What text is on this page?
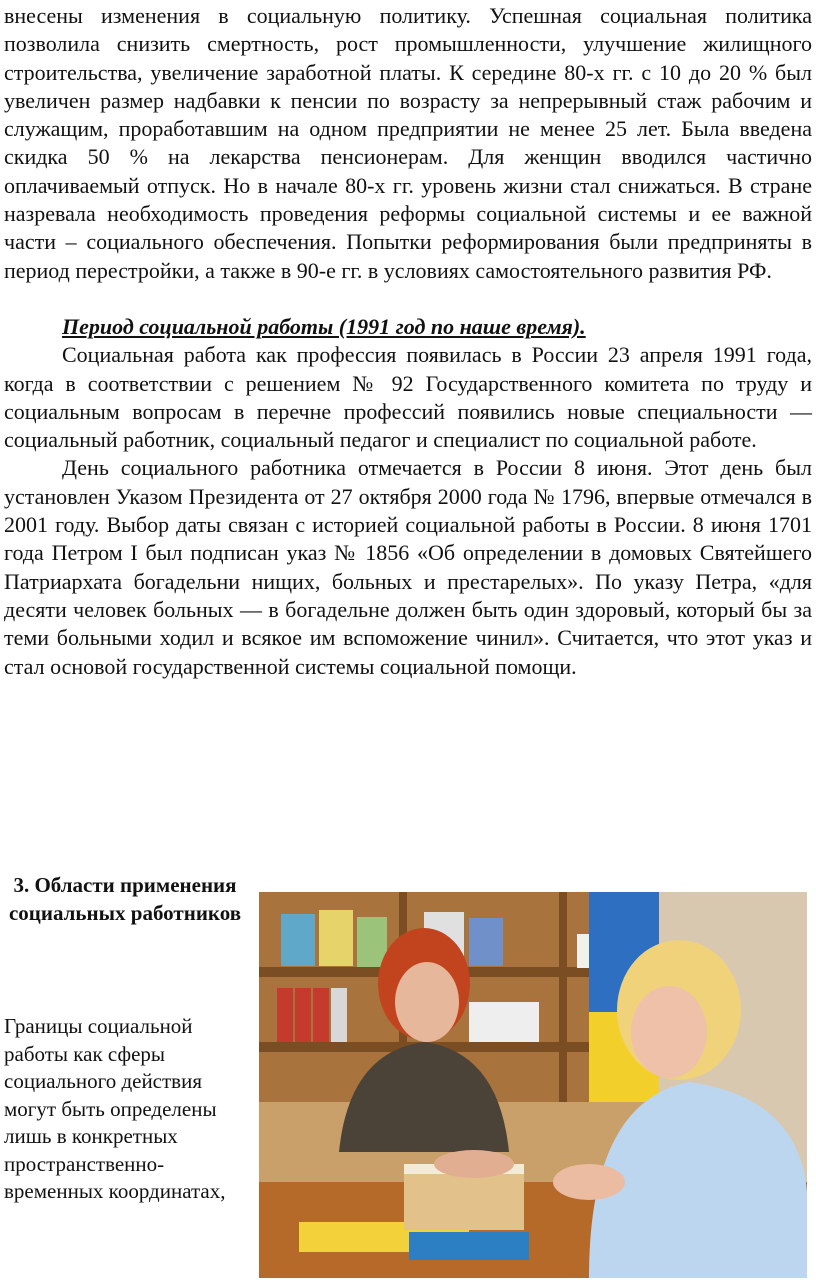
внесены изменения в социальную политику. Успешная социальная политика позволила снизить смертность, рост промышленности, улучшение жилищного строительства, увеличение заработной платы. К середине 80-х гг. с 10 до 20 % был увеличен размер надбавки к пенсии по возрасту за непрерывный стаж рабочим и служащим, проработавшим на одном предприятии не менее 25 лет. Была введена скидка 50 % на лекарства пенсионерам. Для женщин вводился частично оплачиваемый отпуск. Но в начале 80-х гг. уровень жизни стал снижаться. В стране назревала необходимость проведения реформы социальной системы и ее важной части – социального обеспечения. Попытки реформирования были предприняты в период перестройки, а также в 90-е гг. в условиях самостоятельного развития РФ.

Период социальной работы (1991 год по наше время).

Социальная работа как профессия появилась в России 23 апреля 1991 года, когда в соответствии с решением № 92 Государственного комитета по труду и социальным вопросам в перечне профессий появились новые специальности — социальный работник, социальный педагог и специалист по социальной работе.

День социального работника отмечается в России 8 июня. Этот день был установлен Указом Президента от 27 октября 2000 года № 1796, впервые отмечался в 2001 году. Выбор даты связан с историей социальной работы в России. 8 июня 1701 года Петром I был подписан указ № 1856 «Об определении в домовых Святейшего Патриархата богадельни нищих, больных и престарелых». По указу Петра, «для десяти человек больных — в богадельне должен быть один здоровый, который бы за теми больными ходил и всякое им вспоможение чинил». Считается, что этот указ и стал основой государственной системы социальной помощи.

3. Области применения социальных работников
Границы социальной работы как сферы социального действия могут быть определены лишь в конкретных пространственно-временных координатах,
